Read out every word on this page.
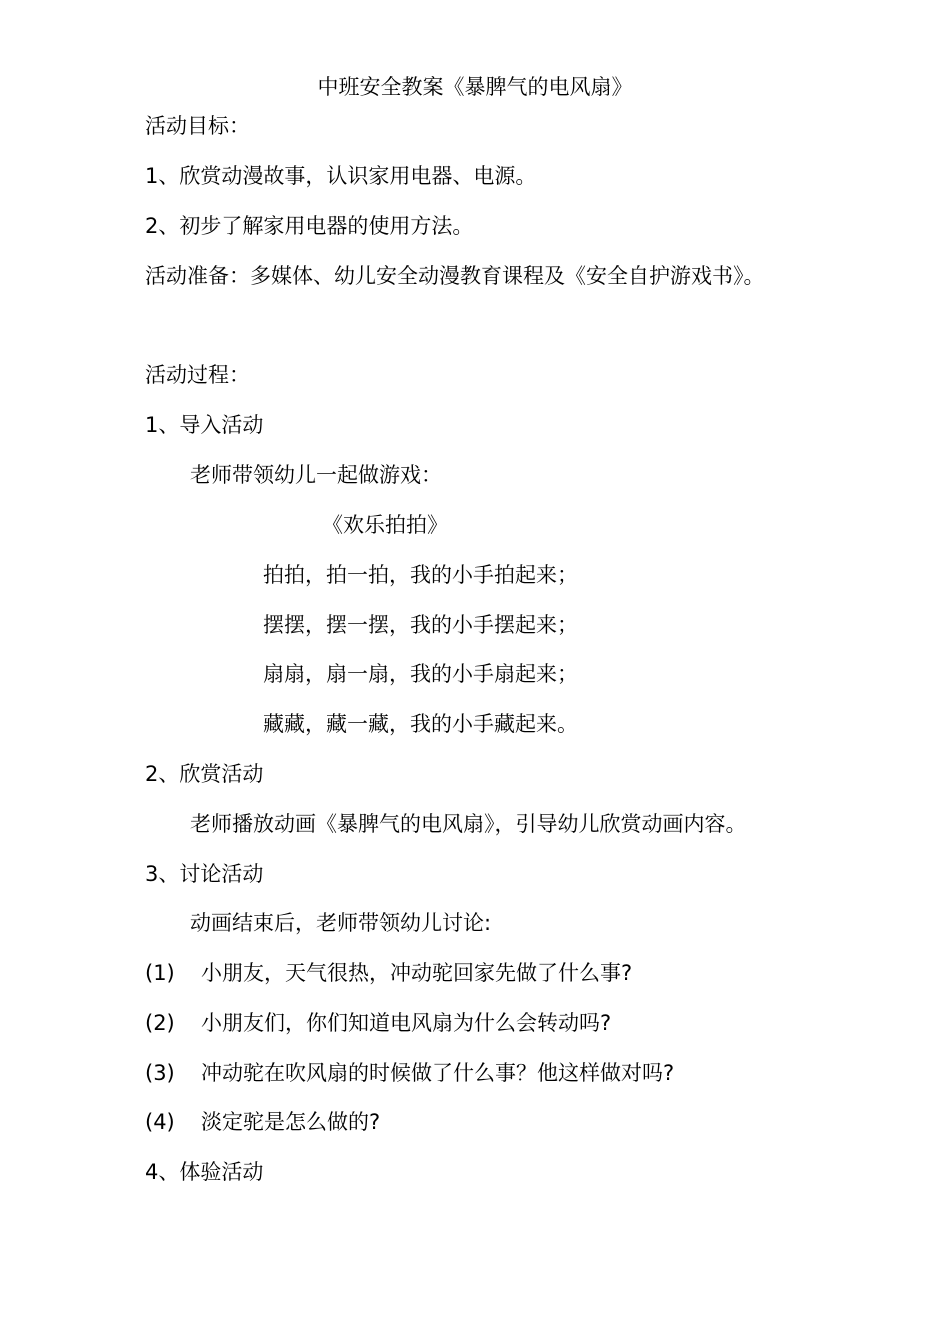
中班安全教案《暴脾气的电风扇》
活动目标：
1、欣赏动漫故事，认识家用电器、电源。
2、初步了解家用电器的使用方法。
活动准备：多媒体、幼儿安全动漫教育课程及《安全自护游戏书》。
活动过程：
1、导入活动
老师带领幼儿一起做游戏：
《欢乐拍拍》
拍拍，拍一拍，我的小手拍起来；
摆摆，摆一摆，我的小手摆起来；
扇扇，扇一扇，我的小手扇起来；
藏藏，藏一藏，我的小手藏起来。
2、欣赏活动
老师播放动画《暴脾气的电风扇》，引导幼儿欣赏动画内容。
3、讨论活动
动画结束后，老师带领幼儿讨论:
(1) 小朋友，天气很热，冲动驼回家先做了什么事?
(2) 小朋友们，你们知道电风扇为什么会转动吗?
(3) 冲动驼在吹风扇的时候做了什么事？他这样做对吗?
(4) 淡定驼是怎么做的?
4、体验活动
